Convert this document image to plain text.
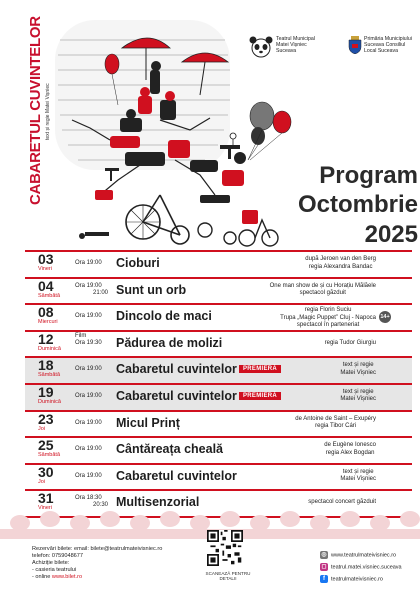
CABARETUL CUVINTELOR text și regie Matei Vișniec
Teatrul Municipal Matei Vișniec Suceava
Primăria Municipiului Suceava Consiliul Local Suceava
Program
Octombrie
2025
03
Vineri
Ora 19:00 Cioburi	după Jeroen van den Berg
regia Alexandra Bandac
04
Sâmbătă
Ora 19:00
21:00 Sunt un orb	One man show de și cu Horațiu Mălăele
spectacol găzduit
08
Miercuri
Ora 19:00 Dincolo de maci	regia Florin Suciu
Trupa „Magic Puppet” Cluj - Napoca
spectacol în parteneriat
14+
12
Duminică
Film
Ora 19:30 Pădurea de molizi	regia Tudor Giurgiu
18
Sâmbătă
Ora 19:00 Cabaretul cuvintelor	PREMIERĂ
text și regie
Matei Vișniec
19
Duminică
Ora 19:00 Cabaretul cuvintelor	PREMIERĂ
text și regie
Matei Vișniec
23
Joi
Ora 19:00 Micul Prinț	de Antoine de Saint – Exupéry
regia Tibor Cári
25
Sâmbătă
Ora 19:00 Cântăreața cheală	de Eugène Ionesco
regia Alex Bogdan
30
Joi
Ora 19:00 Cabaretul cuvintelor	text și regie
Matei Vișniec
31
Vineri
Ora 18:30
20:30 Multisenzorial	spectacol concert găzduit
Rezervări bilete: email: bilete@teatrulmateivisniec.ro
telefon: 0759048677
Achiziție bilete:
- casieria teatrului
- online www.bilet.ro
SCANEAZĂ PENTRU DETALII
◎ www.teatrulmateivisniec.ro
◻ teatrul.matei.visniec.suceava
f teatrulmateivisniec.ro
